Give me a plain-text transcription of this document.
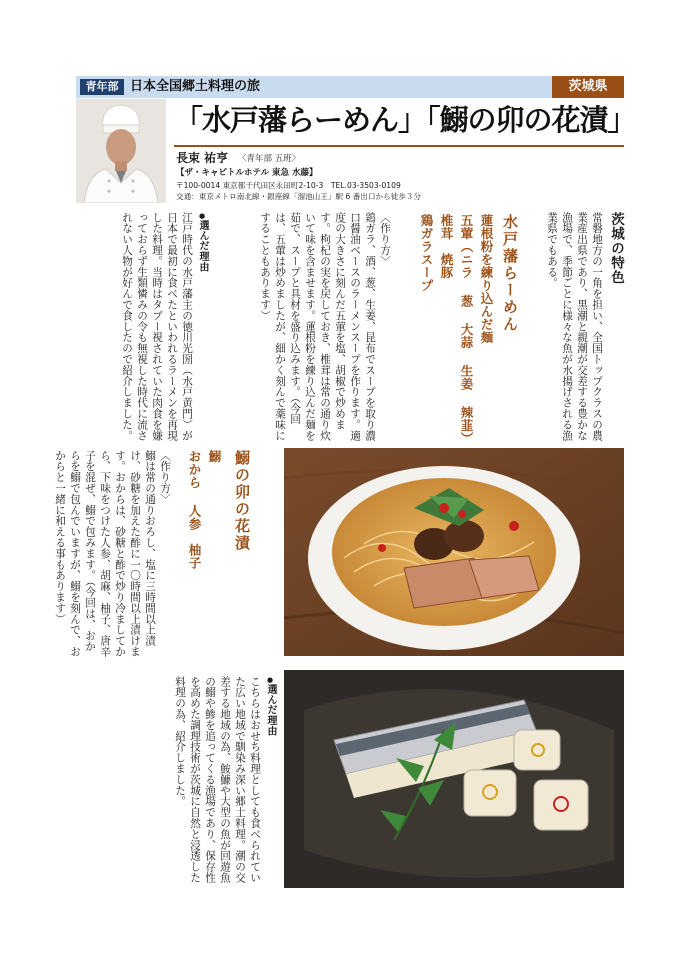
青年部 日本全国郷土料理の旅	茨城県
「水戸藩らーめん」「鰯の卯の花漬」
長束 祐亨 〈青年部 五班〉
【ザ・キャピトルホテル 東急 水藤】
〒100-0014 東京都千代田区永田町2-10-3　TEL.03-3503-0109
交通：東京メトロ南北線・銀座線「溜池山王」駅 6 番出口から徒歩３分
茨城の特色
常磐地方の一角を担い、全国トップクラスの農業産出県であり、黒潮と親潮が交差する豊かな漁場で、季節ごとに様々な魚が水揚げされる漁業県でもある。
水戸藩らーめん
蓮根粉を練り込んだ麺
五葷（ニラ 葱 大蒜 生姜 辣韮）
椎茸　焼豚
鶏ガラスープ
〈作り方〉
鶏ガラ、酒、葱、生姜、昆布でスープを取り濃口醤油ベースのラーメンスープを作ります。適度の大きさに刻んだ五葷を塩、胡椒で炒めます。枸杞の実を戻しておき、椎茸は常の通り炊いて味を含ませます。蓮根粉を練り込んだ麺を茹で、スープと具材を盛り込みます。（今回は、五葷は炒めましたが、細かく刻んで薬味にすることもあります）
●選んだ理由
江戸時代の水戸藩主の徳川光圀（水戸黄門）が日本で最初に食べたといわれるラーメンを再現した料理。当時はタブー視されていた肉食を嫌っておらず生類憐みの令も無視した時代に流されない人物が好んで食したので紹介しました。
鰯の卯の花漬
鰯
おから 人参　柚子
〈作り方〉
鰯は常の通りおろし、塩に三時間以上漬け、砂糖を加えた酢に一〇時間以上漬けます。おからは、砂糖と酢で炒り冷ましてから、下味をつけた人参、胡麻、柚子、唐辛子を混ぜ、鰯で包みます。（今回は、おからを鰯で包んでいますが、鰯を刻んで、おからと一緒に和える事もあります）
●選んだ理由
こちらはおせち料理としても食べられていた広い地域で馴染み深い郷土料理。潮の交差する地域の為、鮟鱇や大型の魚が回遊魚の鰯や鯵を追ってくる漁場であり、保存性を高めた調理技術が茨城に自然と浸透した料理の為、紹介しました。
